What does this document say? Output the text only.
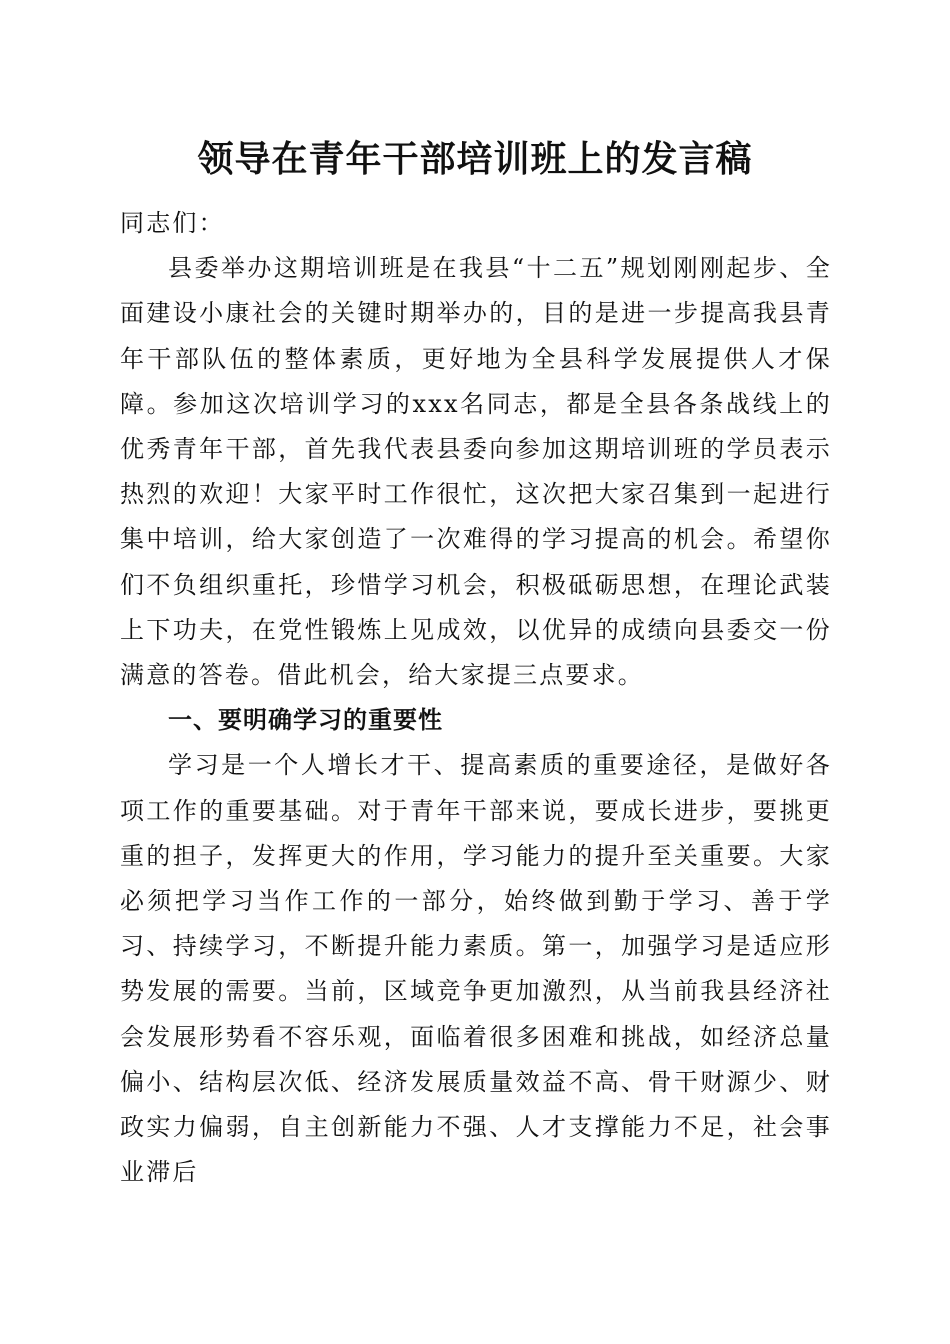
领导在青年干部培训班上的发言稿

同志们：

县委举办这期培训班是在我县“十二五”规划刚刚起步、全面建设小康社会的关键时期举办的，目的是进一步提高我县青年干部队伍的整体素质，更好地为全县科学发展提供人才保障。参加这次培训学习的xxx名同志，都是全县各条战线上的优秀青年干部，首先我代表县委向参加这期培训班的学员表示热烈的欢迎！大家平时工作很忙，这次把大家召集到一起进行集中培训，给大家创造了一次难得的学习提高的机会。希望你们不负组织重托，珍惜学习机会，积极砥砺思想，在理论武装上下功夫，在党性锻炼上见成效，以优异的成绩向县委交一份满意的答卷。借此机会，给大家提三点要求。

一、要明确学习的重要性

学习是一个人增长才干、提高素质的重要途径，是做好各项工作的重要基础。对于青年干部来说，要成长进步，要挑更重的担子，发挥更大的作用，学习能力的提升至关重要。大家必须把学习当作工作的一部分，始终做到勤于学习、善于学习、持续学习，不断提升能力素质。第一，加强学习是适应形势发展的需要。当前，区域竞争更加激烈，从当前我县经济社会发展形势看不容乐观，面临着很多困难和挑战，如经济总量偏小、结构层次低、经济发展质量效益不高、骨干财源少、财政实力偏弱，自主创新能力不强、人才支撑能力不足，社会事业滞后
